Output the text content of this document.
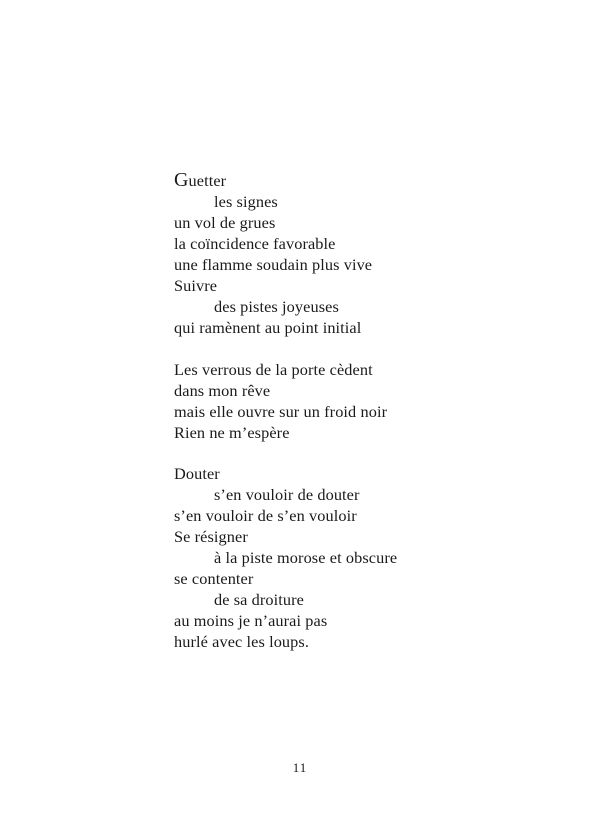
Guetter
les signes
un vol de grues
la coïncidence favorable
une flamme soudain plus vive
Suivre
des pistes joyeuses
qui ramènent au point initial
Les verrous de la porte cèdent
dans mon rêve
mais elle ouvre sur un froid noir
Rien ne m’espère
Douter
s’en vouloir de douter
s’en vouloir de s’en vouloir
Se résigner
à la piste morose et obscure
se contenter
de sa droiture
au moins je n’aurai pas
hurlé avec les loups.
11
